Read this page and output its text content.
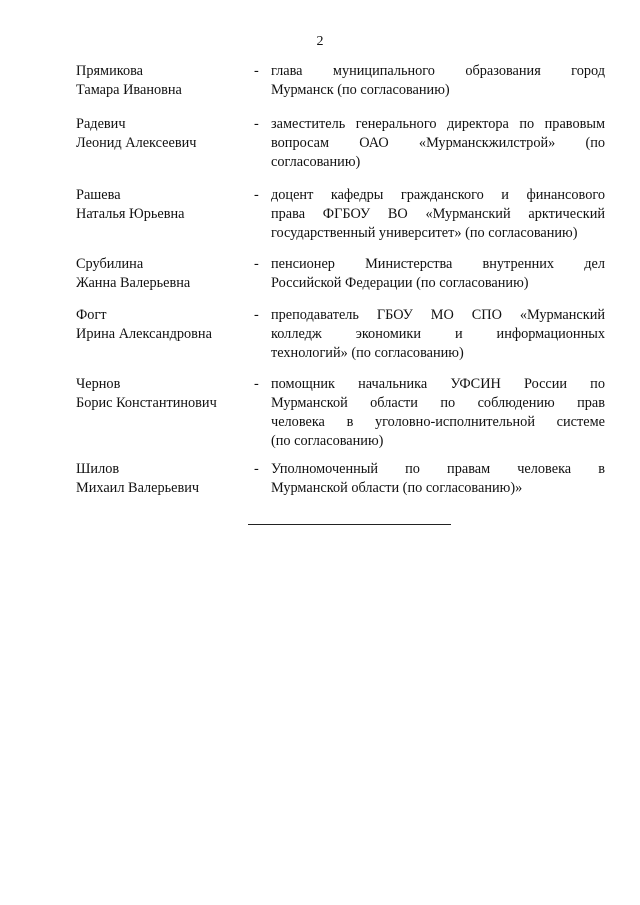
2
Прямикова
Тамара Ивановна
- глава муниципального образования город
Мурманск (по согласованию)
Радевич
Леонид Алексеевич
- заместитель генерального директора по правовым
вопросам ОАО «Мурманскжилстрой» (по
согласованию)
Рашева
Наталья Юрьевна
- доцент кафедры гражданского и финансового
права ФГБОУ ВО «Мурманский арктический
государственный университет» (по согласованию)
Срубилина
Жанна Валерьевна
- пенсионер Министерства внутренних дел
Российской Федерации (по согласованию)
Фогт
Ирина Александровна
- преподаватель ГБОУ МО СПО «Мурманский
колледж экономики и информационных
технологий» (по согласованию)
Чернов
Борис Константинович
- помощник начальника УФСИН России по
Мурманской области по соблюдению прав
человека в уголовно-исполнительной системе
(по согласованию)
Шилов
Михаил Валерьевич
- Уполномоченный по правам человека в
Мурманской области (по согласованию)»
